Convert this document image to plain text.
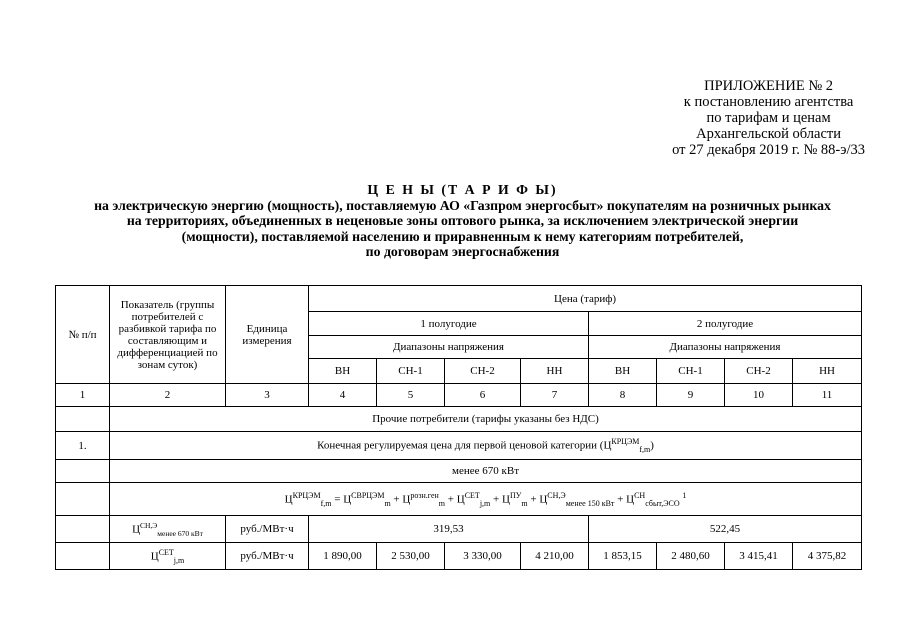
ПРИЛОЖЕНИЕ № 2
к постановлению агентства
по тарифам и ценам
Архангельской области
от 27 декабря 2019 г. № 88-э/33
Ц Е Н Ы (Т А Р И Ф Ы)
на электрическую энергию (мощность), поставляемую АО «Газпром энергосбыт» покупателям на розничных рынках
на территориях, объединенных в неценовые зоны оптового рынка, за исключением электрической энергии
(мощности), поставляемой населению и приравненным к нему категориям потребителей,
по договорам энергоснабжения
№ п/п	Показатель (группы потребителей с разбивкой тарифа по составляющим и дифференциацией по зонам суток)	Единица измерения	Цена (тариф)							
			1 полугодие				2 полугодие			
			Диапазоны напряжения				Диапазоны напряжения			
			ВН	СН-1	СН-2	НН	ВН	СН-1	СН-2	НН
1	2	3	4	5	6	7	8	9	10	11
	Прочие потребители (тарифы указаны без НДС)									
1.	Конечная регулируемая цена для первой ценовой категории $(Ц^{КРЦЭМ}_{f,m})$									
	менее 670 кВт									
	$Ц^{КРЦЭМ}_{f,m} = Ц^{СВРЦЭМ}_m + Ц^{розн.ген}_m + Ц^{СЕТ}_{j,m} + Ц^{ПУ}_m + Ц^{СН,Э}_{менее 150 кВт} + Ц^{СН}_{сбыт,ЭСО}$ $^1$
	$Ц^{СН,Э}_{менее 670 кВт}$	руб./МВт·ч	319,53				522,45			
	$Ц^{СЕТ}_{j,m}$	руб./МВт·ч	1 890,00	2 530,00	3 330,00	4 210,00	1 853,15	2 480,60	3 415,41	4 375,82
